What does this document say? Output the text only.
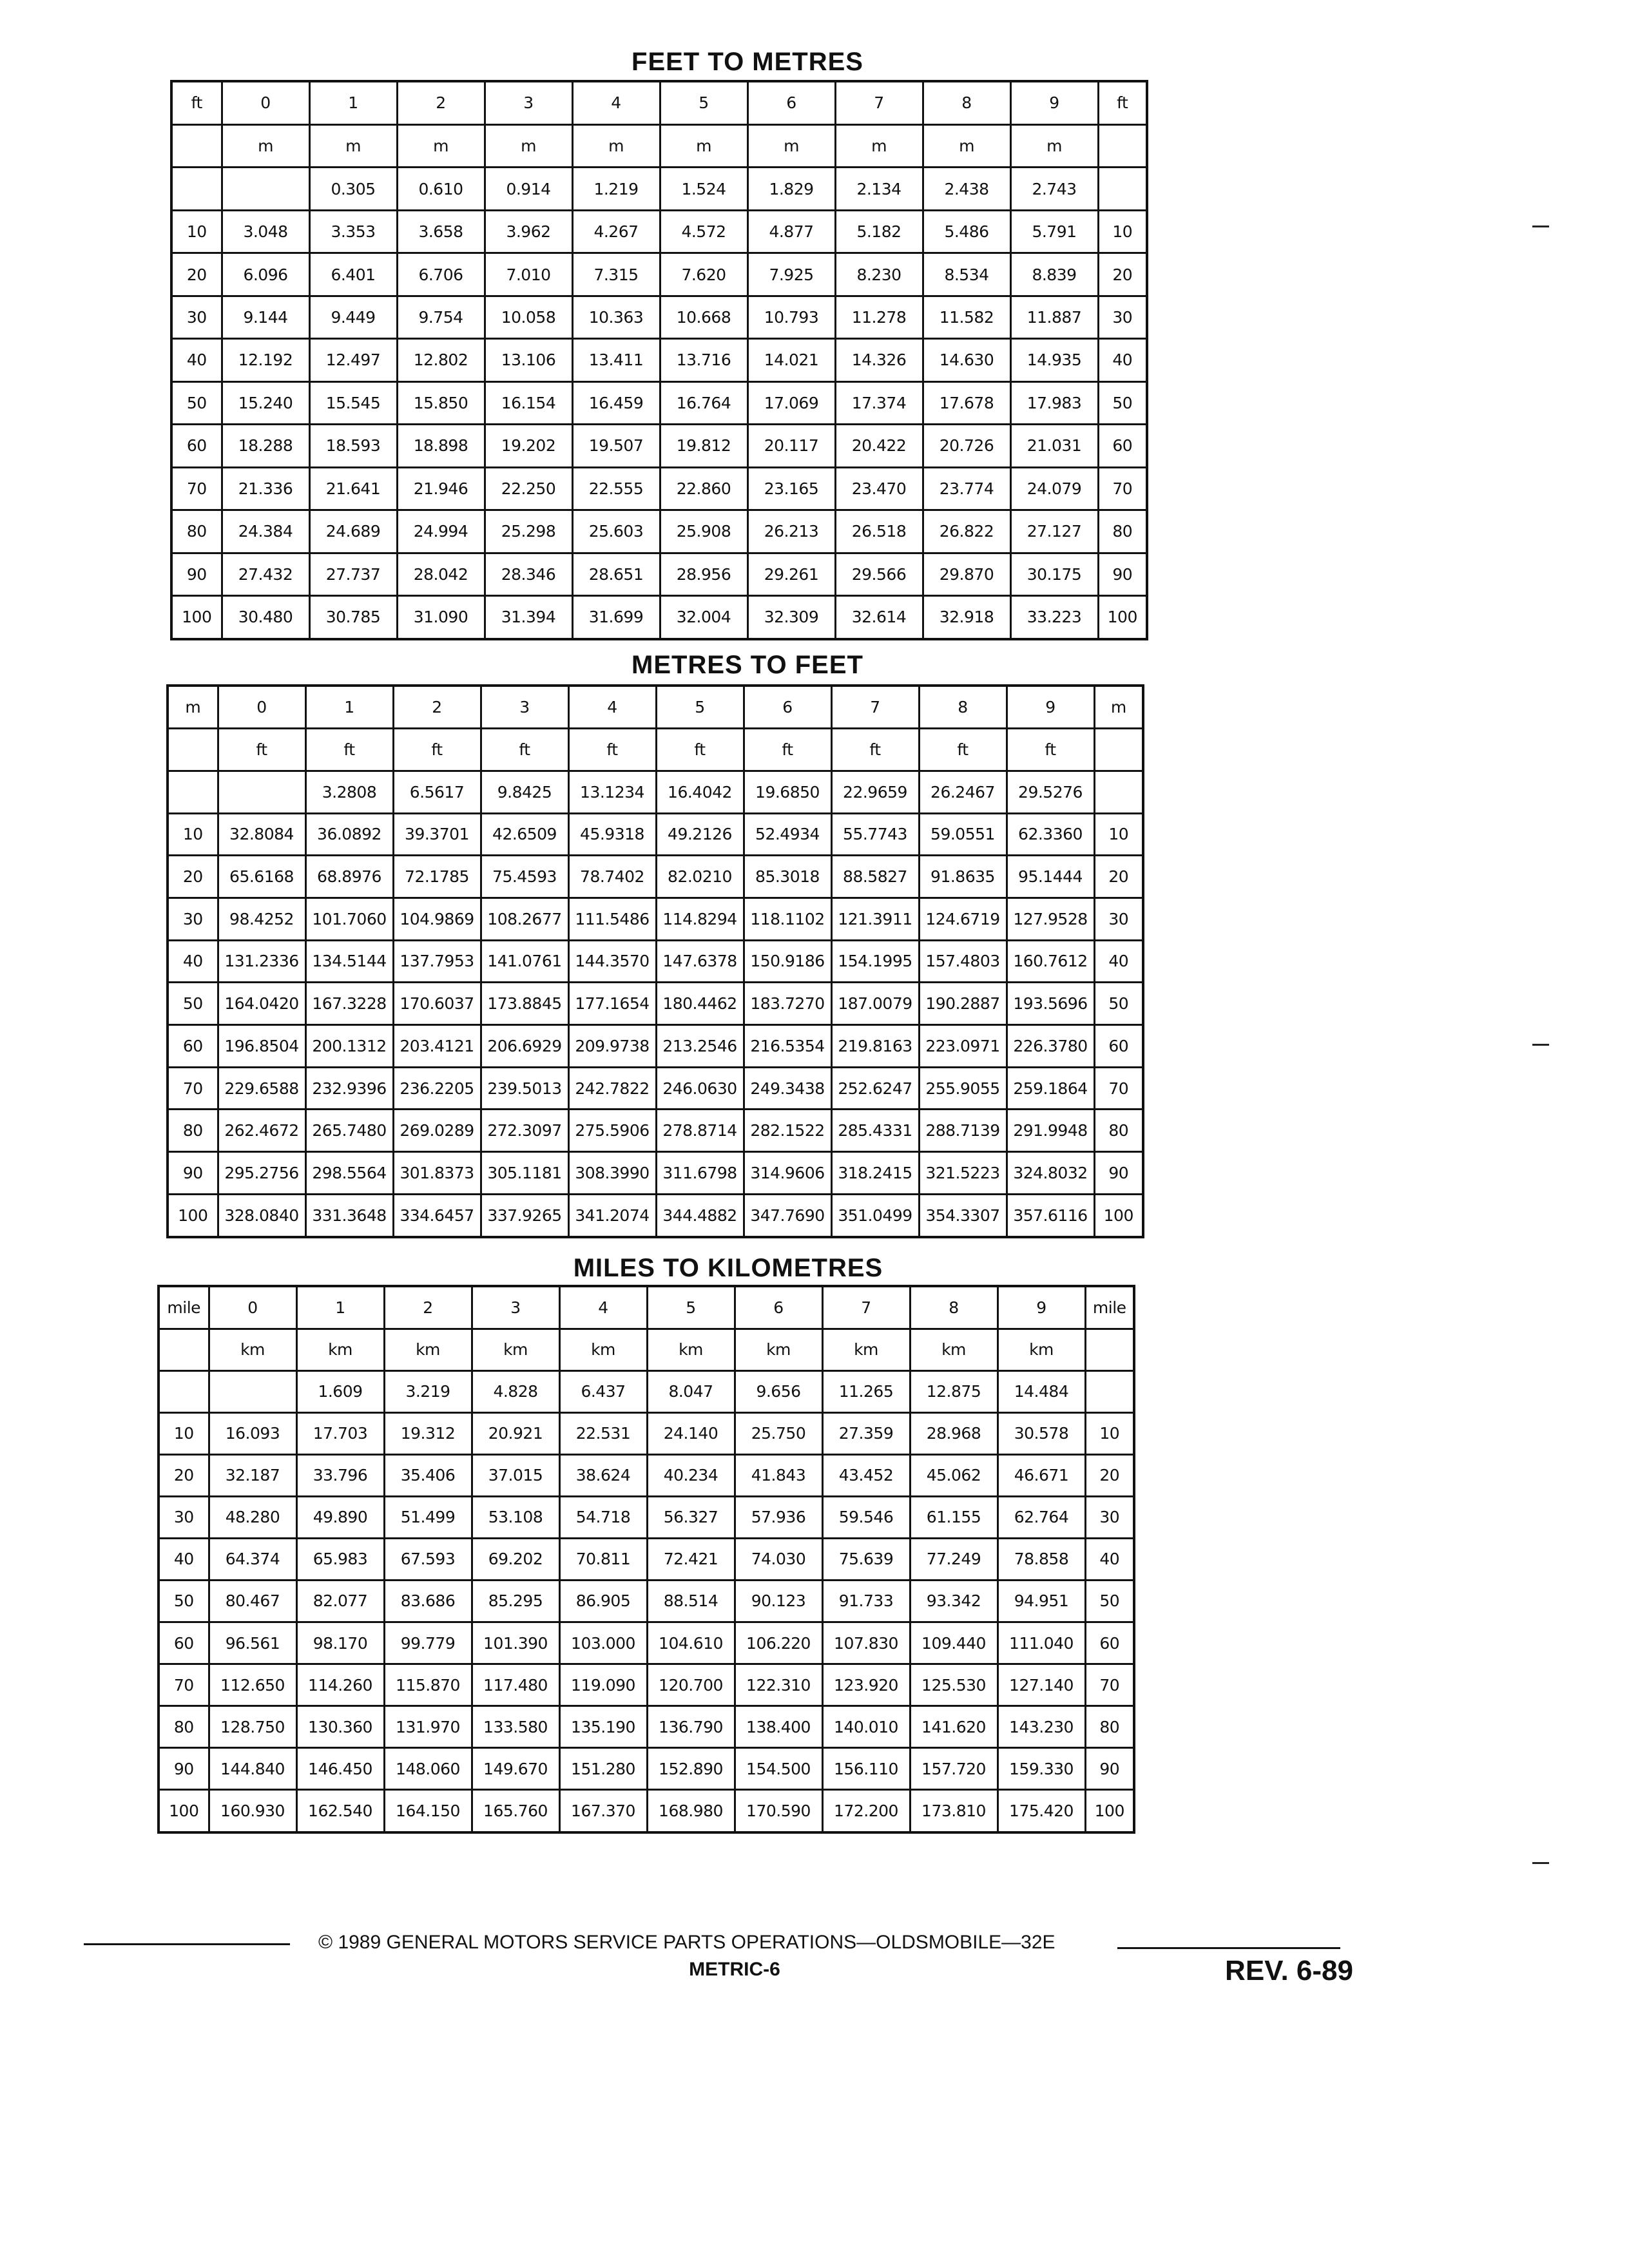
FEET TO METRES
METRES TO FEET
MILES TO KILOMETRES
ft	0	1	2	3	4	5	6	7	8	9	ft
	m	m	m	m	m	m	m	m	m	m	
		0.305	0.610	0.914	1.219	1.524	1.829	2.134	2.438	2.743	
10	3.048	3.353	3.658	3.962	4.267	4.572	4.877	5.182	5.486	5.791	10
20	6.096	6.401	6.706	7.010	7.315	7.620	7.925	8.230	8.534	8.839	20
30	9.144	9.449	9.754	10.058	10.363	10.668	10.793	11.278	11.582	11.887	30
40	12.192	12.497	12.802	13.106	13.411	13.716	14.021	14.326	14.630	14.935	40
50	15.240	15.545	15.850	16.154	16.459	16.764	17.069	17.374	17.678	17.983	50
60	18.288	18.593	18.898	19.202	19.507	19.812	20.117	20.422	20.726	21.031	60
70	21.336	21.641	21.946	22.250	22.555	22.860	23.165	23.470	23.774	24.079	70
80	24.384	24.689	24.994	25.298	25.603	25.908	26.213	26.518	26.822	27.127	80
90	27.432	27.737	28.042	28.346	28.651	28.956	29.261	29.566	29.870	30.175	90
100	30.480	30.785	31.090	31.394	31.699	32.004	32.309	32.614	32.918	33.223	100
m	0	1	2	3	4	5	6	7	8	9	m
	ft	ft	ft	ft	ft	ft	ft	ft	ft	ft	
		3.2808	6.5617	9.8425	13.1234	16.4042	19.6850	22.9659	26.2467	29.5276	
10	32.8084	36.0892	39.3701	42.6509	45.9318	49.2126	52.4934	55.7743	59.0551	62.3360	10
20	65.6168	68.8976	72.1785	75.4593	78.7402	82.0210	85.3018	88.5827	91.8635	95.1444	20
30	98.4252	101.7060	104.9869	108.2677	111.5486	114.8294	118.1102	121.3911	124.6719	127.9528	30
40	131.2336	134.5144	137.7953	141.0761	144.3570	147.6378	150.9186	154.1995	157.4803	160.7612	40
50	164.0420	167.3228	170.6037	173.8845	177.1654	180.4462	183.7270	187.0079	190.2887	193.5696	50
60	196.8504	200.1312	203.4121	206.6929	209.9738	213.2546	216.5354	219.8163	223.0971	226.3780	60
70	229.6588	232.9396	236.2205	239.5013	242.7822	246.0630	249.3438	252.6247	255.9055	259.1864	70
80	262.4672	265.7480	269.0289	272.3097	275.5906	278.8714	282.1522	285.4331	288.7139	291.9948	80
90	295.2756	298.5564	301.8373	305.1181	308.3990	311.6798	314.9606	318.2415	321.5223	324.8032	90
100	328.0840	331.3648	334.6457	337.9265	341.2074	344.4882	347.7690	351.0499	354.3307	357.6116	100
mile	0	1	2	3	4	5	6	7	8	9	mile
	km	km	km	km	km	km	km	km	km	km	
		1.609	3.219	4.828	6.437	8.047	9.656	11.265	12.875	14.484	
10	16.093	17.703	19.312	20.921	22.531	24.140	25.750	27.359	28.968	30.578	10
20	32.187	33.796	35.406	37.015	38.624	40.234	41.843	43.452	45.062	46.671	20
30	48.280	49.890	51.499	53.108	54.718	56.327	57.936	59.546	61.155	62.764	30
40	64.374	65.983	67.593	69.202	70.811	72.421	74.030	75.639	77.249	78.858	40
50	80.467	82.077	83.686	85.295	86.905	88.514	90.123	91.733	93.342	94.951	50
60	96.561	98.170	99.779	101.390	103.000	104.610	106.220	107.830	109.440	111.040	60
70	112.650	114.260	115.870	117.480	119.090	120.700	122.310	123.920	125.530	127.140	70
80	128.750	130.360	131.970	133.580	135.190	136.790	138.400	140.010	141.620	143.230	80
90	144.840	146.450	148.060	149.670	151.280	152.890	154.500	156.110	157.720	159.330	90
100	160.930	162.540	164.150	165.760	167.370	168.980	170.590	172.200	173.810	175.420	100
© 1989 GENERAL MOTORS SERVICE PARTS OPERATIONS—OLDSMOBILE—32E
METRIC-6	REV. 6-89
